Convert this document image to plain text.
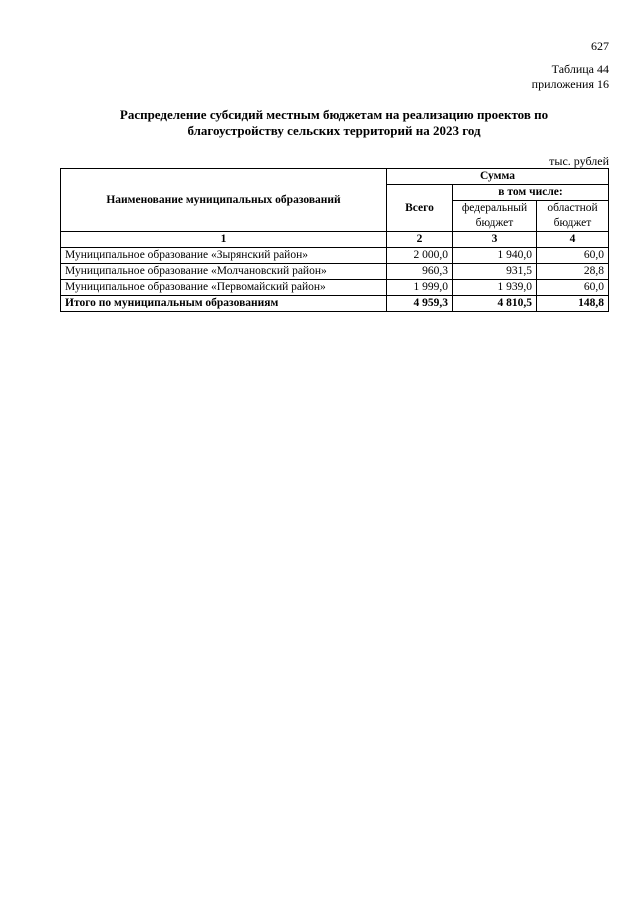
627
Таблица 44
приложения 16
Распределение субсидий местным бюджетам на реализацию проектов по
благоустройству сельских территорий на 2023 год
тыс. рублей
Наименование муниципальных образований	Сумма		
	Всего	в том числе:	
		федеральный бюджет	областной бюджет
1	2	3	4
Муниципальное образование «Зырянский район»	2 000,0	1 940,0	60,0
Муниципальное образование «Молчановский район»	960,3	931,5	28,8
Муниципальное образование «Первомайский район»	1 999,0	1 939,0	60,0
Итого по муниципальным образованиям	4 959,3	4 810,5	148,8
